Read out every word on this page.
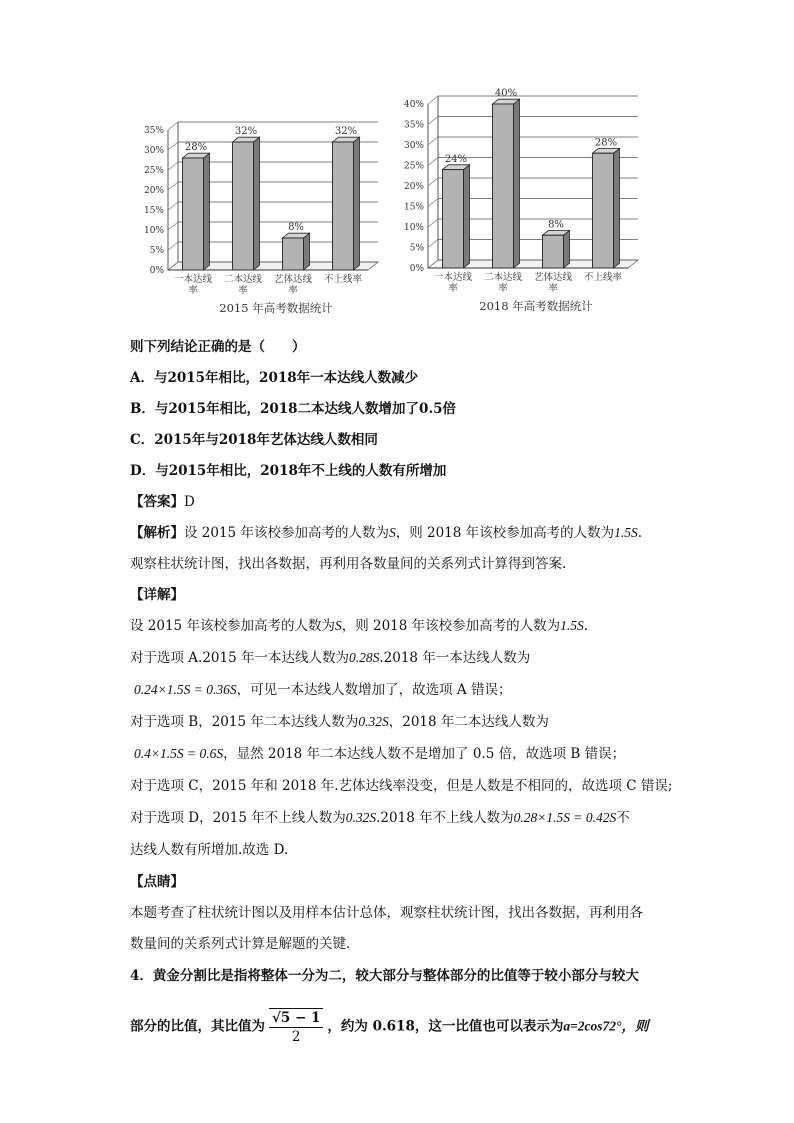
0%
5%
10%
15%
20%
25%
30%
35%
28%
一本达线
率
32%
二本达线
率
8%
艺体达线
率
32%
不上线率
2015 年高考数据统计
0%
5%
10%
15%
20%
25%
30%
35%
40%
24%
一本达线
率
40%
二本达线
率
8%
艺体达线
率
28%
不上线率
2018 年高考数据统计
则下列结论正确的是（　　）
A．与2015年相比，2018年一本达线人数减少
B．与2015年相比，2018二本达线人数增加了0.5倍
C．2015年与2018年艺体达线人数相同
D．与2015年相比，2018年不上线的人数有所增加
【答案】D
【解析】设 2015 年该校参加高考的人数为S，则 2018 年该校参加高考的人数为1.5S.
观察柱状统计图，找出各数据，再利用各数量间的关系列式计算得到答案.
【详解】
设 2015 年该校参加高考的人数为S，则 2018 年该校参加高考的人数为1.5S.
对于选项 A.2015 年一本达线人数为0.28S.2018 年一本达线人数为
0.24×1.5S = 0.36S，可见一本达线人数增加了，故选项 A 错误；
对于选项 B，2015 年二本达线人数为0.32S，2018 年二本达线人数为
0.4×1.5S = 0.6S，显然 2018 年二本达线人数不是增加了 0.5 倍，故选项 B 错误；
对于选项 C，2015 年和 2018 年.艺体达线率没变，但是人数是不相同的，故选项 C 错误;
对于选项 D，2015 年不上线人数为0.32S.2018 年不上线人数为0.28×1.5S = 0.42S不
达线人数有所增加.故选 D.
【点睛】
本题考查了柱状统计图以及用样本估计总体，观察柱状统计图，找出各数据，再利用各
数量间的关系列式计算是解题的关键．
4．黄金分割比是指将整体一分为二，较大部分与整体部分的比值等于较小部分与较大
部分的比值，其比值为 $\frac{√5 - 1}{2}$ ，约为 0.618，这一比值也可以表示为a=2cos72°，则
